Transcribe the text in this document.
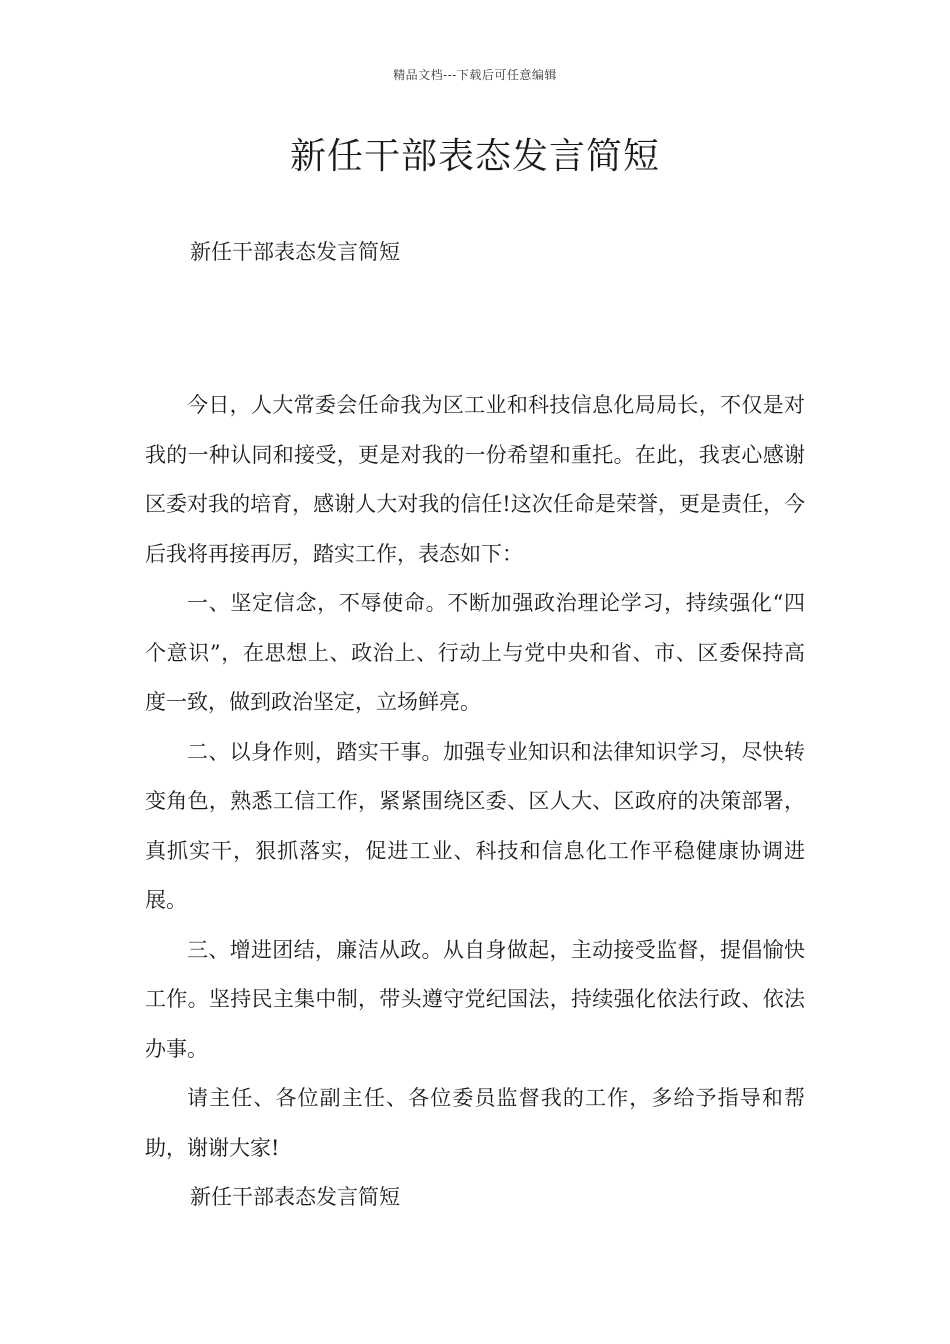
精品文档---下载后可任意编辑
新任干部表态发言简短
新任干部表态发言简短

今日，人大常委会任命我为区工业和科技信息化局局长，不仅是对我的一种认同和接受，更是对我的一份希望和重托。在此，我衷心感谢区委对我的培育，感谢人大对我的信任!这次任命是荣誉，更是责任，今后我将再接再厉，踏实工作，表态如下：

一、坚定信念，不辱使命。不断加强政治理论学习，持续强化“四个意识”，在思想上、政治上、行动上与党中央和省、市、区委保持高度一致，做到政治坚定，立场鲜亮。

二、以身作则，踏实干事。加强专业知识和法律知识学习，尽快转变角色，熟悉工信工作，紧紧围绕区委、区人大、区政府的决策部署，真抓实干，狠抓落实，促进工业、科技和信息化工作平稳健康协调进展。

三、增进团结，廉洁从政。从自身做起，主动接受监督，提倡愉快工作。坚持民主集中制，带头遵守党纪国法，持续强化依法行政、依法办事。

请主任、各位副主任、各位委员监督我的工作，多给予指导和帮助，谢谢大家!

新任干部表态发言简短
